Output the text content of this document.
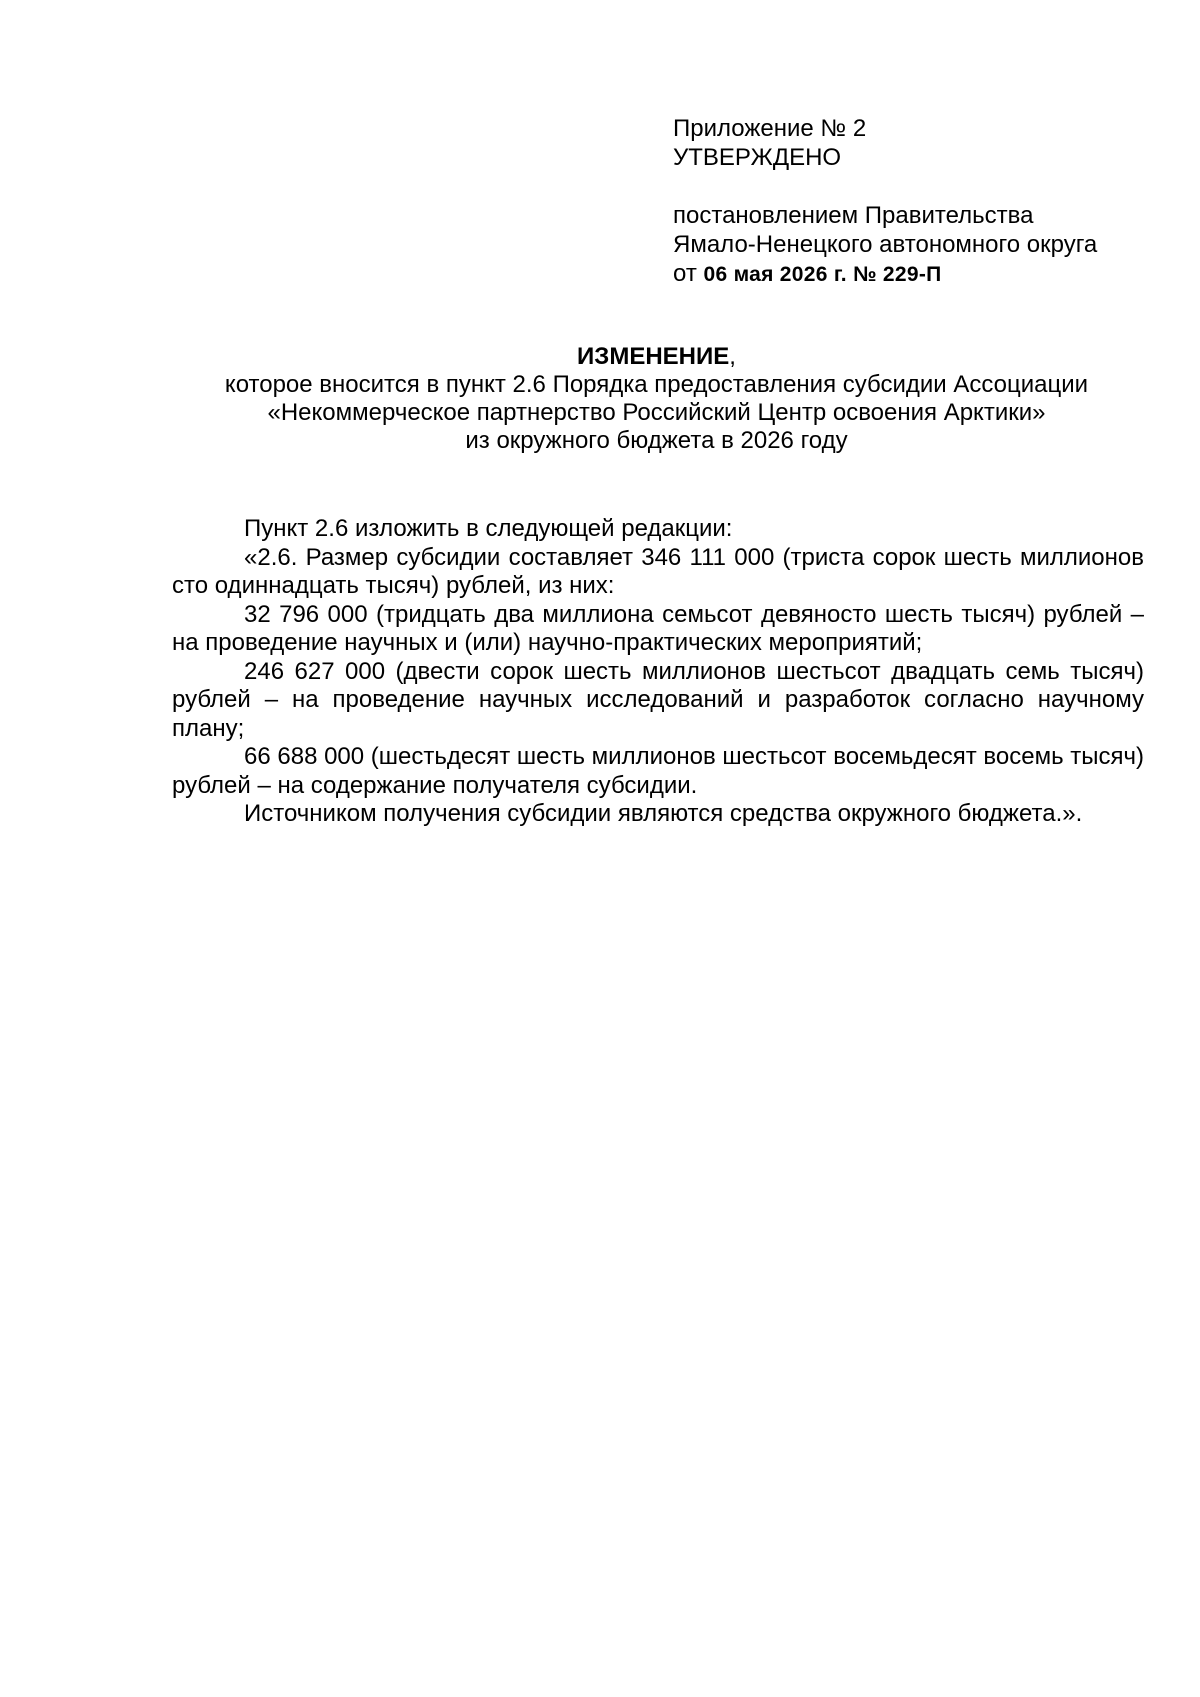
Приложение № 2
УТВЕРЖДЕНО
постановлением Правительства
Ямало-Ненецкого автономного округа
от 06 мая 2026 г. № 229-П
ИЗМЕНЕНИЕ,
которое вносится в пункт 2.6 Порядка предоставления субсидии Ассоциации
«Некоммерческое партнерство Российский Центр освоения Арктики»
из окружного бюджета в 2026 году

Пункт 2.6 изложить в следующей редакции:

«2.6. Размер субсидии составляет 346 111 000 (триста сорок шесть миллионов сто одиннадцать тысяч) рублей, из них:

32 796 000 (тридцать два миллиона семьсот девяносто шесть тысяч) рублей – на проведение научных и (или) научно-практических мероприятий;

246 627 000 (двести сорок шесть миллионов шестьсот двадцать семь тысяч) рублей – на проведение научных исследований и разработок согласно научному плану;

66 688 000 (шестьдесят шесть миллионов шестьсот восемьдесят восемь тысяч) рублей – на содержание получателя субсидии.

Источником получения субсидии являются средства окружного бюджета.».
